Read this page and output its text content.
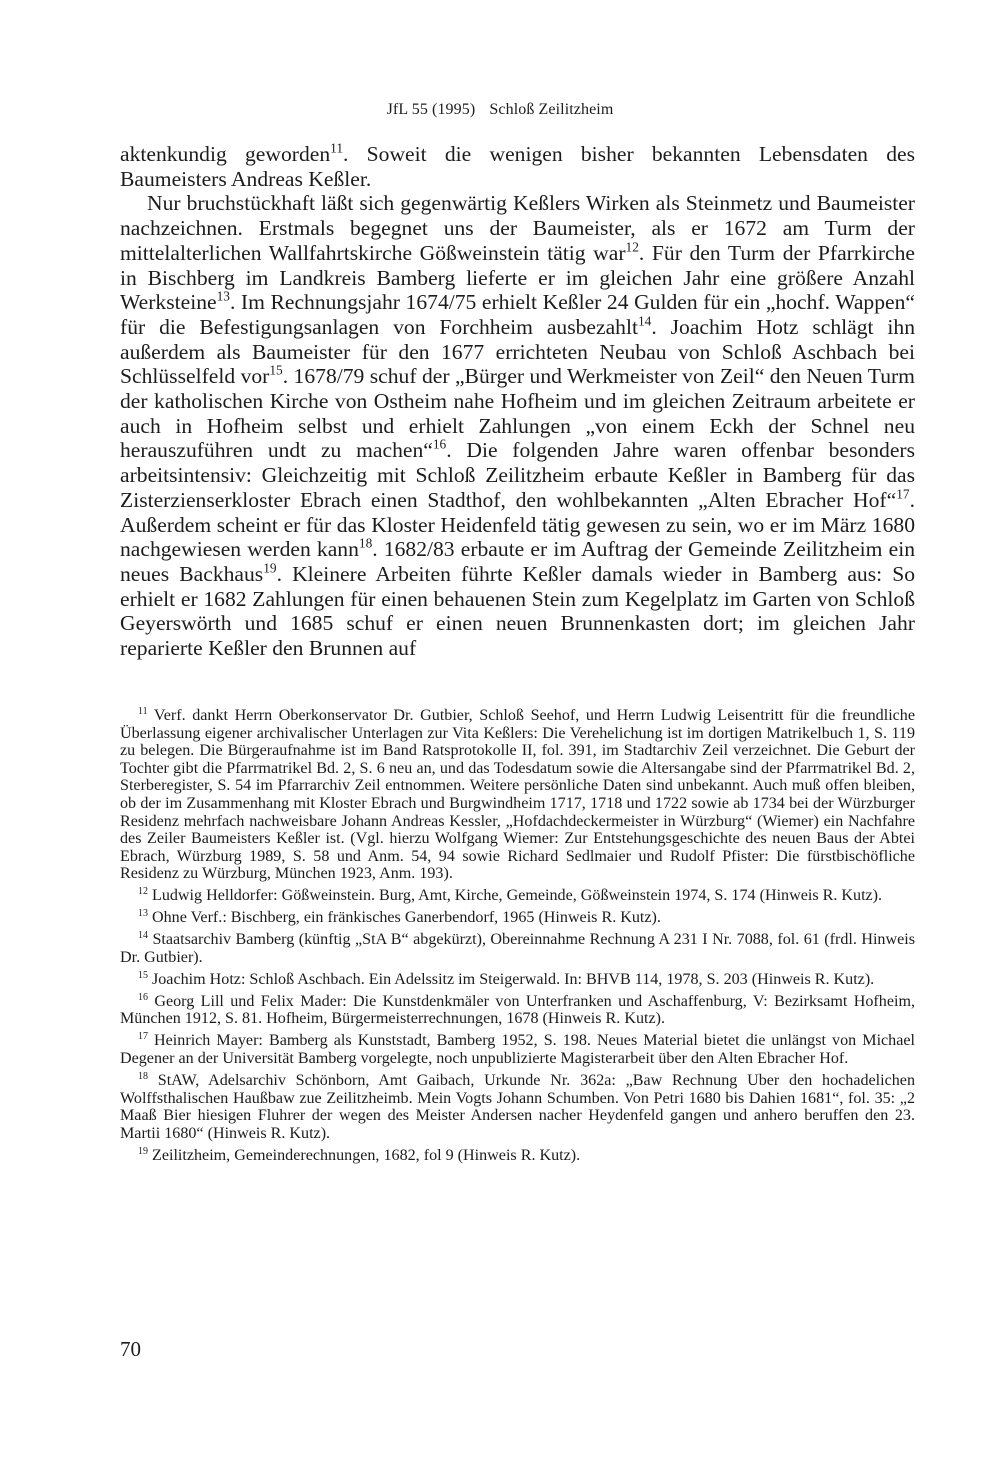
JfL 55 (1995) Schloß Zeilitzheim

aktenkundig geworden$^{11}$. Soweit die wenigen bisher bekannten Lebensdaten des Baumeisters Andreas Keßler.

Nur bruchstückhaft läßt sich gegenwärtig Keßlers Wirken als Steinmetz und Baumeister nachzeichnen. Erstmals begegnet uns der Baumeister, als er 1672 am Turm der mittelalterlichen Wallfahrtskirche Gößweinstein tätig war$^{12}$. Für den Turm der Pfarrkirche in Bischberg im Landkreis Bamberg lieferte er im gleichen Jahr eine größere Anzahl Werksteine$^{13}$. Im Rechnungsjahr 1674/75 erhielt Keßler 24 Gulden für ein „hochf. Wappen“ für die Befestigungsanlagen von Forchheim ausbezahlt$^{14}$. Joachim Hotz schlägt ihn außerdem als Baumeister für den 1677 errichteten Neubau von Schloß Aschbach bei Schlüsselfeld vor$^{15}$. 1678/79 schuf der „Bürger und Werkmeister von Zeil“ den Neuen Turm der katholischen Kirche von Ostheim nahe Hofheim und im gleichen Zeitraum arbeitete er auch in Hofheim selbst und erhielt Zahlungen „von einem Eckh der Schnel neu herauszuführen undt zu machen“$^{16}$. Die folgenden Jahre waren offenbar besonders arbeitsintensiv: Gleichzeitig mit Schloß Zeilitzheim erbaute Keßler in Bamberg für das Zisterzienserkloster Ebrach einen Stadthof, den wohlbekannten „Alten Ebracher Hof“$^{17}$. Außerdem scheint er für das Kloster Heidenfeld tätig gewesen zu sein, wo er im März 1680 nachgewiesen werden kann$^{18}$. 1682/83 erbaute er im Auftrag der Gemeinde Zeilitzheim ein neues Backhaus$^{19}$. Kleinere Arbeiten führte Keßler damals wieder in Bamberg aus: So erhielt er 1682 Zahlungen für einen behauenen Stein zum Kegelplatz im Garten von Schloß Geyerswörth und 1685 schuf er einen neuen Brunnenkasten dort; im gleichen Jahr reparierte Keßler den Brunnen auf

$^{11}$ Verf. dankt Herrn Oberkonservator Dr. Gutbier, Schloß Seehof, und Herrn Ludwig Leisentritt für die freundliche Überlassung eigener archivalischer Unterlagen zur Vita Keßlers: Die Verehelichung ist im dortigen Matrikelbuch 1, S. 119 zu belegen. Die Bürgeraufnahme ist im Band Ratsprotokolle II, fol. 391, im Stadtarchiv Zeil verzeichnet. Die Geburt der Tochter gibt die Pfarrmatrikel Bd. 2, S. 6 neu an, und das Todesdatum sowie die Altersangabe sind der Pfarrmatrikel Bd. 2, Sterberegister, S. 54 im Pfarrarchiv Zeil entnommen. Weitere persönliche Daten sind unbekannt. Auch muß offen bleiben, ob der im Zusammenhang mit Kloster Ebrach und Burgwindheim 1717, 1718 und 1722 sowie ab 1734 bei der Würzburger Residenz mehrfach nachweisbare Johann Andreas Kessler, „Hofdachdeckermeister in Würzburg“ (Wiemer) ein Nachfahre des Zeiler Baumeisters Keßler ist. (Vgl. hierzu Wolfgang Wiemer: Zur Entstehungsgeschichte des neuen Baus der Abtei Ebrach, Würzburg 1989, S. 58 und Anm. 54, 94 sowie Richard Sedlmaier und Rudolf Pfister: Die fürstbischöfliche Residenz zu Würzburg, München 1923, Anm. 193).

$^{12}$ Ludwig Helldorfer: Gößweinstein. Burg, Amt, Kirche, Gemeinde, Gößweinstein 1974, S. 174 (Hinweis R. Kutz).

$^{13}$ Ohne Verf.: Bischberg, ein fränkisches Ganerbendorf, 1965 (Hinweis R. Kutz).

$^{14}$ Staatsarchiv Bamberg (künftig „StA B“ abgekürzt), Obereinnahme Rechnung A 231 I Nr. 7088, fol. 61 (frdl. Hinweis Dr. Gutbier).

$^{15}$ Joachim Hotz: Schloß Aschbach. Ein Adelssitz im Steigerwald. In: BHVB 114, 1978, S. 203 (Hinweis R. Kutz).

$^{16}$ Georg Lill und Felix Mader: Die Kunstdenkmäler von Unterfranken und Aschaffenburg, V: Bezirksamt Hofheim, München 1912, S. 81. Hofheim, Bürgermeisterrechnungen, 1678 (Hinweis R. Kutz).

$^{17}$ Heinrich Mayer: Bamberg als Kunststadt, Bamberg 1952, S. 198. Neues Material bietet die unlängst von Michael Degener an der Universität Bamberg vorgelegte, noch unpublizierte Magisterarbeit über den Alten Ebracher Hof.

$^{18}$ StAW, Adelsarchiv Schönborn, Amt Gaibach, Urkunde Nr. 362a: „Baw Rechnung Uber den hochadelichen Wolffsthalischen Haußbaw zue Zeilitzheimb. Mein Vogts Johann Schumben. Von Petri 1680 bis Dahien 1681“, fol. 35: „2 Maaß Bier hiesigen Fluhrer der wegen des Meister Andersen nacher Heydenfeld gangen und anhero beruffen den 23. Martii 1680“ (Hinweis R. Kutz).

$^{19}$ Zeilitzheim, Gemeinderechnungen, 1682, fol 9 (Hinweis R. Kutz).

70
